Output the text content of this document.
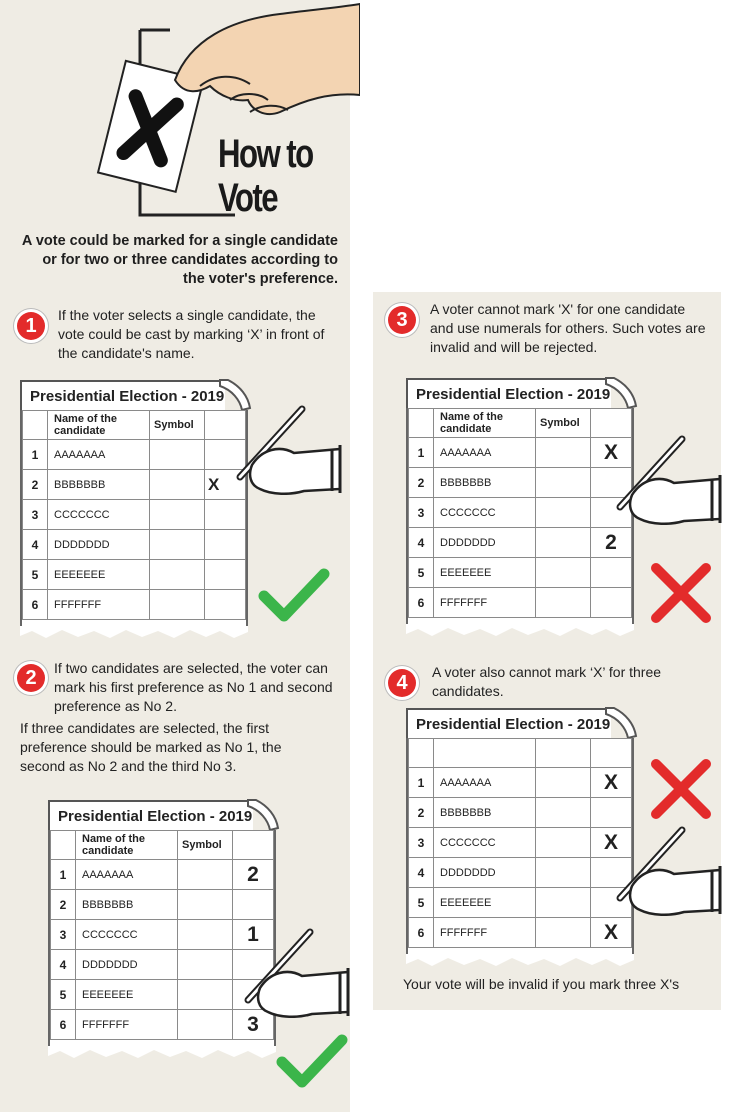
How to
Vote
A vote could be marked for a single candidate or for two or three candidates according to the voter's preference.
1	If the voter selects a single candidate, the vote could be cast by marking ‘X’ in front of the candidate's name.
Presidential Election - 2019
	Name of the candidate	Symbol	
1	AAAAAAA		
2	BBBBBBB		X
3	CCCCCCC		
4	DDDDDDD		
5	EEEEEEE		
6	FFFFFFF		
2	If two candidates are selected, the voter can mark his first preference as No 1 and second preference as No 2.
If three candidates are selected, the first preference should be marked as No 1, the second as No 2 and the third No 3.
Presidential Election - 2019
	Name of the candidate	Symbol	
1	AAAAAAA		2
2	BBBBBBB		
3	CCCCCCC		1
4	DDDDDDD		
5	EEEEEEE		
6	FFFFFFF		3
3	A voter cannot mark 'X' for one candidate and use numerals for others. Such votes are invalid and will be rejected.
Presidential Election - 2019
	Name of the candidate	Symbol	
1	AAAAAAA		X
2	BBBBBBB		
3	CCCCCCC		
4	DDDDDDD		2
5	EEEEEEE		
6	FFFFFFF		
4	A voter also cannot mark ‘X’ for three candidates.
Presidential Election - 2019

1	AAAAAAA		X
2	BBBBBBB		
3	CCCCCCC		X
4	DDDDDDD		
5	EEEEEEE		
6	FFFFFFF		X
Your vote will be invalid if you mark three X's
